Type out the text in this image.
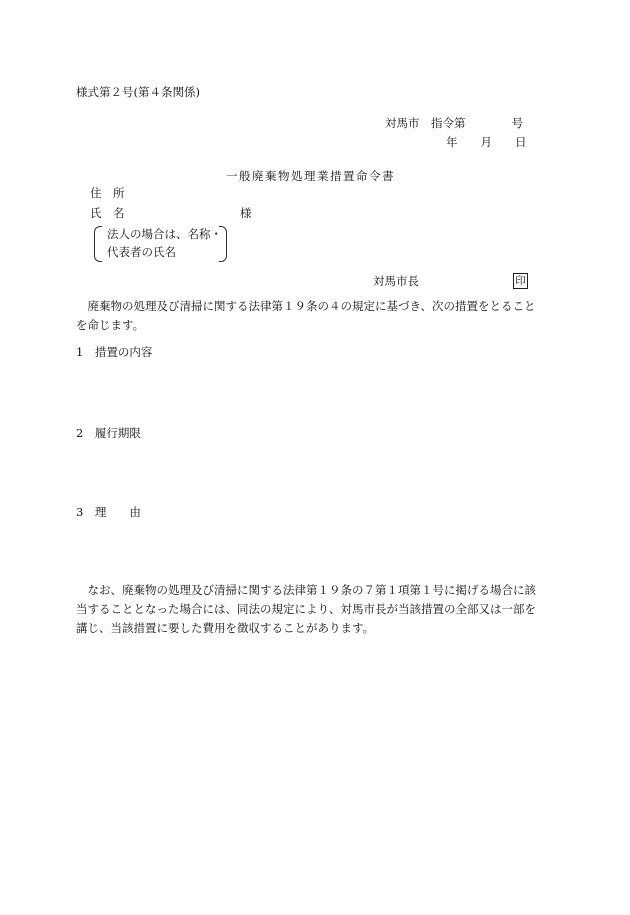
様式第２号(第４条関係)
対馬市　指令第　　　　号
年　　月　　日
一般廃棄物処理業措置命令書
住　所
氏　名	様
法人の場合は、名称・
代表者の氏名
対馬市長	印
　廃棄物の処理及び清掃に関する法律第１９条の４の規定に基づき、次の措置をとることを命じます。
1　措置の内容
2　履行期限
3　理　　由
　なお、廃棄物の処理及び清掃に関する法律第１９条の７第１項第１号に掲げる場合に該当することとなった場合には、同法の規定により、対馬市長が当該措置の全部又は一部を講じ、当該措置に要した費用を徴収することがあります。
